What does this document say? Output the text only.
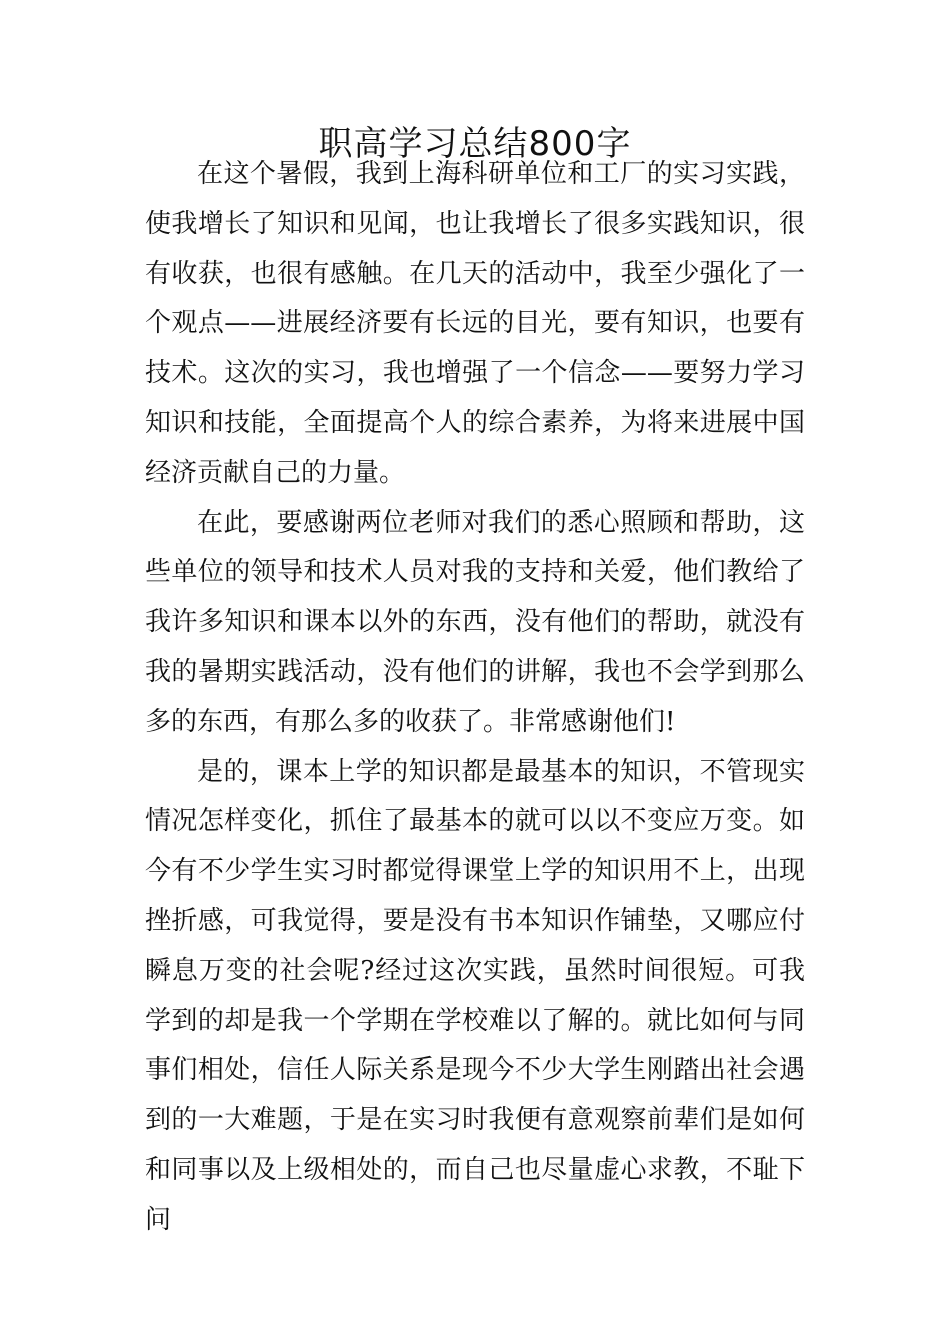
职高学习总结800字

在这个暑假，我到上海科研单位和工厂的实习实践，使我增长了知识和见闻，也让我增长了很多实践知识，很有收获，也很有感触。在几天的活动中，我至少强化了一个观点——进展经济要有长远的目光，要有知识，也要有技术。这次的实习，我也增强了一个信念——要努力学习知识和技能，全面提高个人的综合素养，为将来进展中国经济贡献自己的力量。

在此，要感谢两位老师对我们的悉心照顾和帮助，这些单位的领导和技术人员对我的支持和关爱，他们教给了我许多知识和课本以外的东西，没有他们的帮助，就没有我的暑期实践活动，没有他们的讲解，我也不会学到那么多的东西，有那么多的收获了。非常感谢他们!

是的，课本上学的知识都是最基本的知识，不管现实情况怎样变化，抓住了最基本的就可以以不变应万变。如今有不少学生实习时都觉得课堂上学的知识用不上，出现挫折感，可我觉得，要是没有书本知识作铺垫，又哪应付瞬息万变的社会呢?经过这次实践，虽然时间很短。可我学到的却是我一个学期在学校难以了解的。就比如何与同事们相处，信任人际关系是现今不少大学生刚踏出社会遇到的一大难题，于是在实习时我便有意观察前辈们是如何和同事以及上级相处的，而自己也尽量虚心求教，不耻下问
